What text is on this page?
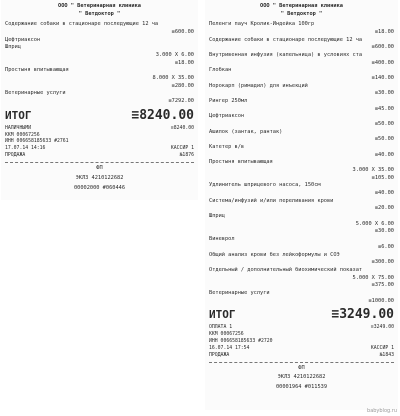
ООО " Ветеринарная клиника
" Ветдоктор "
Содержание собаки в стационаре последующие 12 ча
≡600.00
Цефтриаксон
Шприц
3.000 X 6.00
≡18.00
Простыня впитывающая
8.000 X 35.00
≡280.00
Ветеринарные услуги
≡7292.00
ИТОГ	≡8240.00
НАЛИЧНЫМИ	≡8240.00
ККМ 00067256
ИНН 006658185633 #2761
17.07.14 14:16	КАССИР 1
ПРОДАЖА	№1876
ФП
ЭКЛЗ 4210122682
00002000 #060446
ООО " Ветеринарная клиника
" Ветдоктор "
Пеленги пауч Кролик-Индейка 100гр
≡18.00
Содержание собаки в стационаре последующие 12 ча
≡600.00
Внутривенная инфузия (капельница) в условиях ста
≡400.00
Глобкан
≡140.00
Норокарп (римадил) для инъекций
≡30.00
Рингер 250мл
≡45.00
Цефтриаксон
≡50.00
Ашилок (зантак, рантак)
≡50.00
Катетер в/в
≡40.00
Простыня впитывающая
3.000 X 35.00
≡105.00
Удлинитель шприцевого насоса, 150см
≡40.00
Система/инфузий и/или переливания крови
≡20.00
Шприц
5.000 X 6.00
≡30.00
Виневрол
≡6.00
Общий анализ крови без лейкоформулы и СОЭ
≡300.00
Отдельный / дополнительный биохимический показат
5.000 X 75.00
≡375.00
Ветеринарные услуги
≡1000.00
ИТОГ	≡3249.00
ОПЛАТА 1	≡3249.00
ККМ 00067256
ИНН 006658185633 #2720
16.07.14 17:54	КАССИР 1
ПРОДАЖА	№1843
ФП
ЭКЛЗ 4210122682
00001964 #011539
babyblog.ru
